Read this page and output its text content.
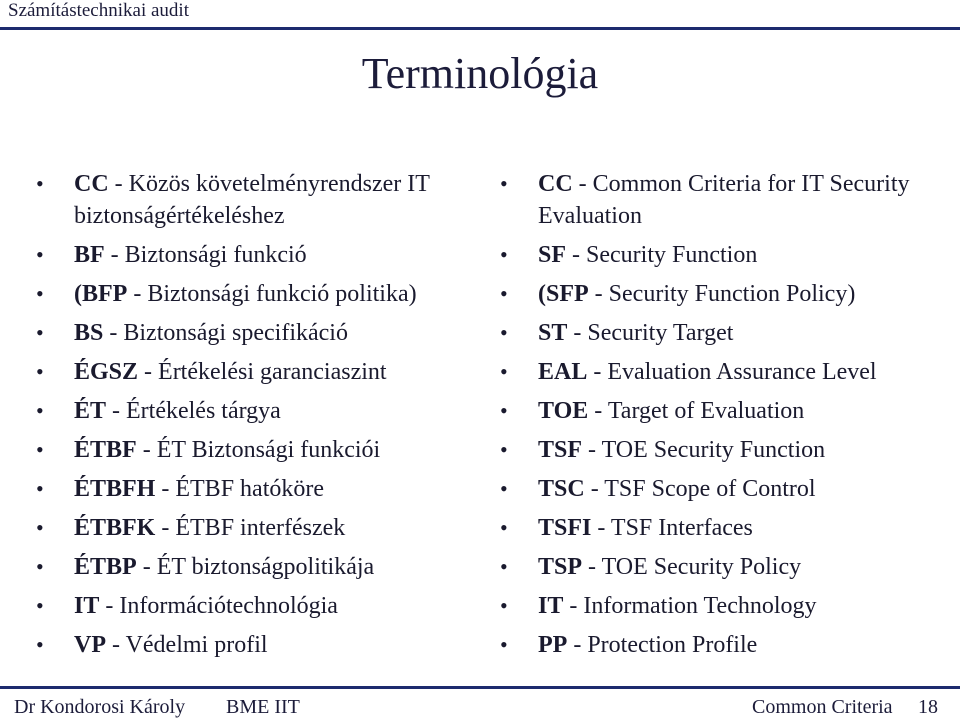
Számítástechnikai audit
Terminológia
•	CC - Közös követelményrendszer IT biztonságértékeléshez
•	BF - Biztonsági funkció
•	(BFP - Biztonsági funkció politika)
•	BS - Biztonsági specifikáció
•	ÉGSZ - Értékelési garanciaszint
•	ÉT - Értékelés tárgya
•	ÉTBF - ÉT Biztonsági funkciói
•	ÉTBFH - ÉTBF hatóköre
•	ÉTBFK - ÉTBF interfészek
•	ÉTBP - ÉT biztonságpolitikája
•	IT - Információtechnológia
•	VP - Védelmi profil
•	CC - Common Criteria for IT Security Evaluation
•	SF - Security Function
•	(SFP - Security Function Policy)
•	ST - Security Target
•	EAL - Evaluation Assurance Level
•	TOE - Target of Evaluation
•	TSF - TOE Security Function
•	TSC - TSF Scope of Control
•	TSFI - TSF Interfaces
•	TSP - TOE Security Policy
•	IT - Information Technology
•	PP - Protection Profile
Dr Kondorosi Károly BME IIT	Common Criteria 18
